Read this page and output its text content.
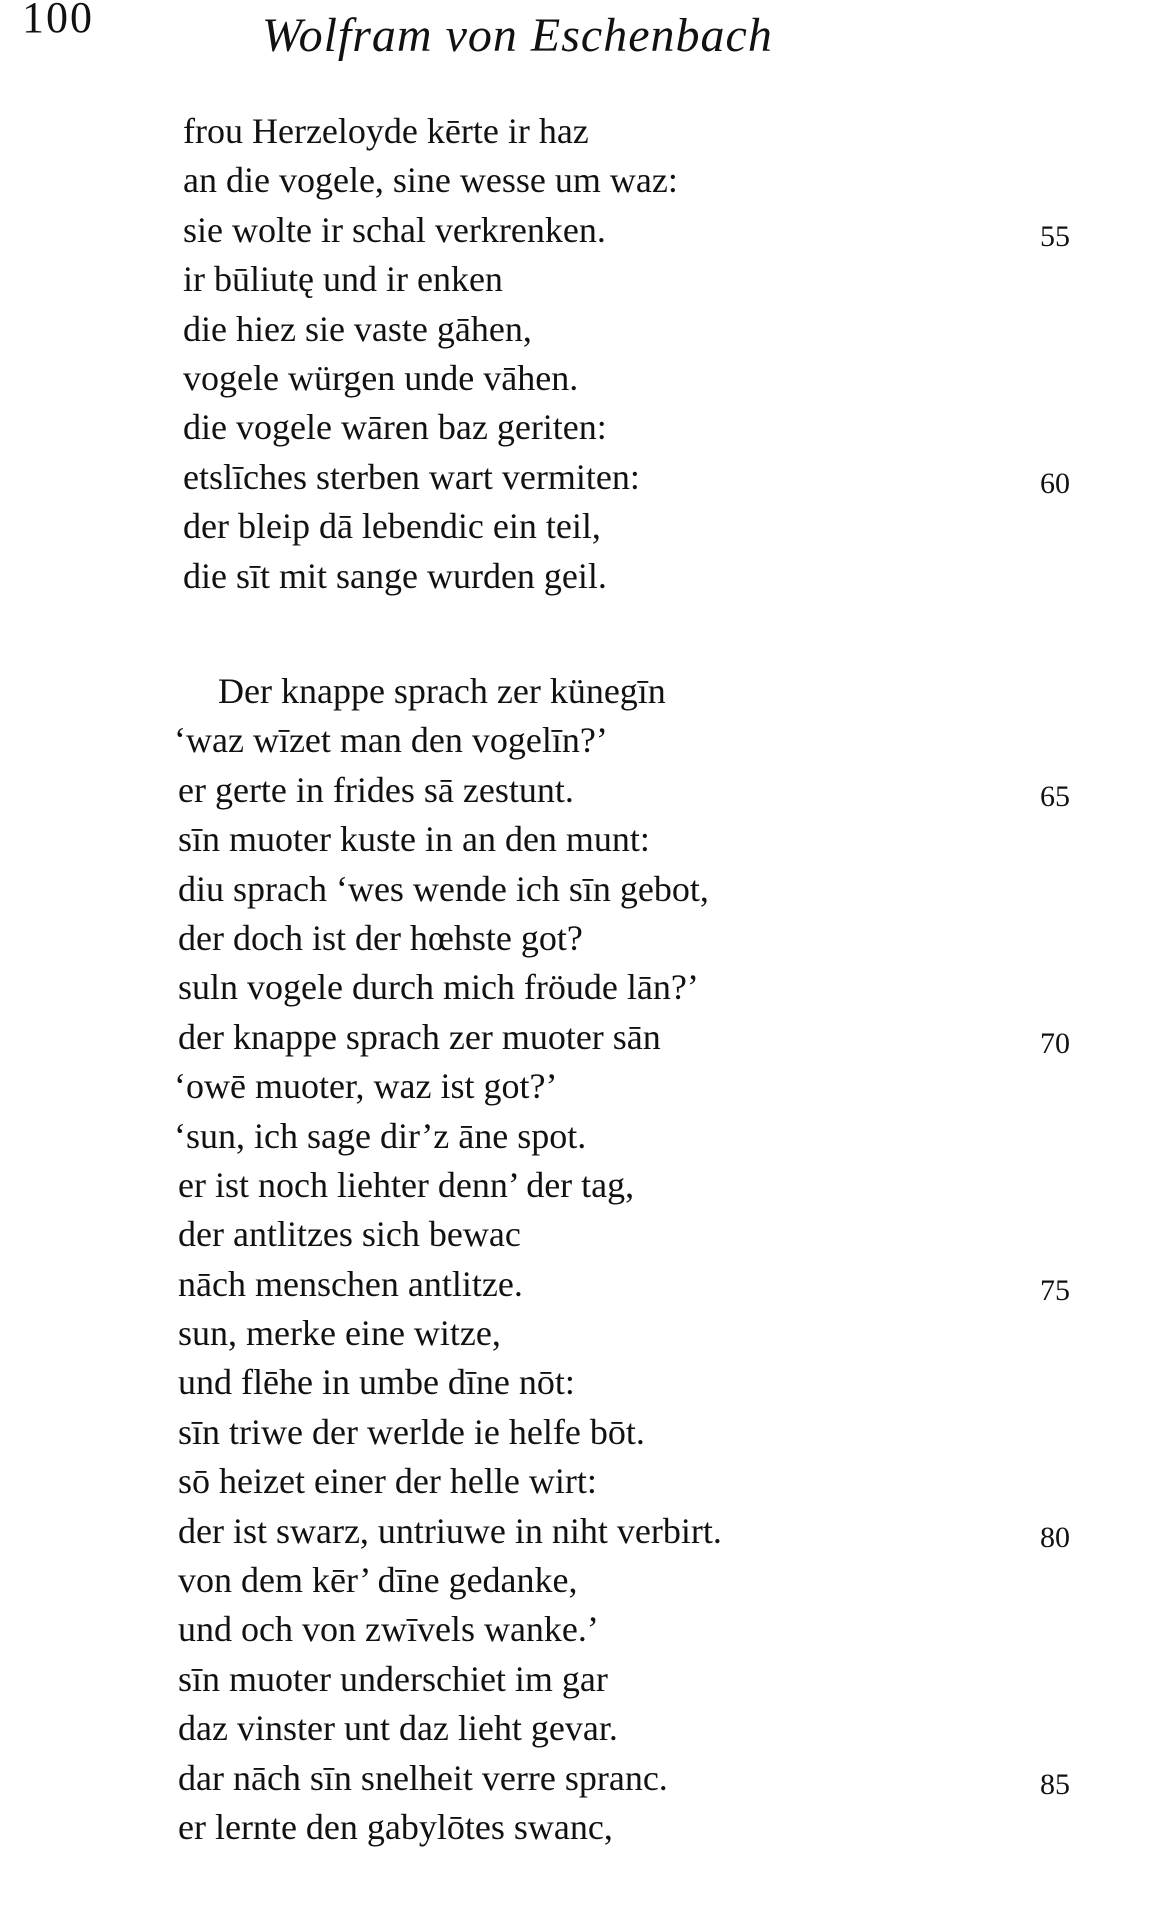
100	Wolfram von Eschenbach
frou Herzeloyde kērte ir haz
an die vogele, sine wesse um waz:
sie wolte ir schal verkrenken.	55
ir būliutę und ir enken
die hiez sie vaste gāhen,
vogele würgen unde vāhen.
die vogele wāren baz geriten:
etslīches sterben wart vermiten:	60
der bleip dā lebendic ein teil,
die sīt mit sange wurden geil.
Der knappe sprach zer künegīn
‘waz wīzet man den vogelīn?’
er gerte in frides sā zestunt.	65
sīn muoter kuste in an den munt:
diu sprach ‘wes wende ich sīn gebot,
der doch ist der hœhste got?
suln vogele durch mich fröude lān?’
der knappe sprach zer muoter sān	70
‘owē muoter, waz ist got?’
‘sun, ich sage dir’z āne spot.
er ist noch liehter denn’ der tag,
der antlitzes sich bewac
nāch menschen antlitze.	75
sun, merke eine witze,
und flēhe in umbe dīne nōt:
sīn triwe der werlde ie helfe bōt.
sō heizet einer der helle wirt:
der ist swarz, untriuwe in niht verbirt.	80
von dem kēr’ dīne gedanke,
und och von zwīvels wanke.’
sīn muoter underschiet im gar
daz vinster unt daz lieht gevar.
dar nāch sīn snelheit verre spranc.	85
er lernte den gabylōtes swanc,
